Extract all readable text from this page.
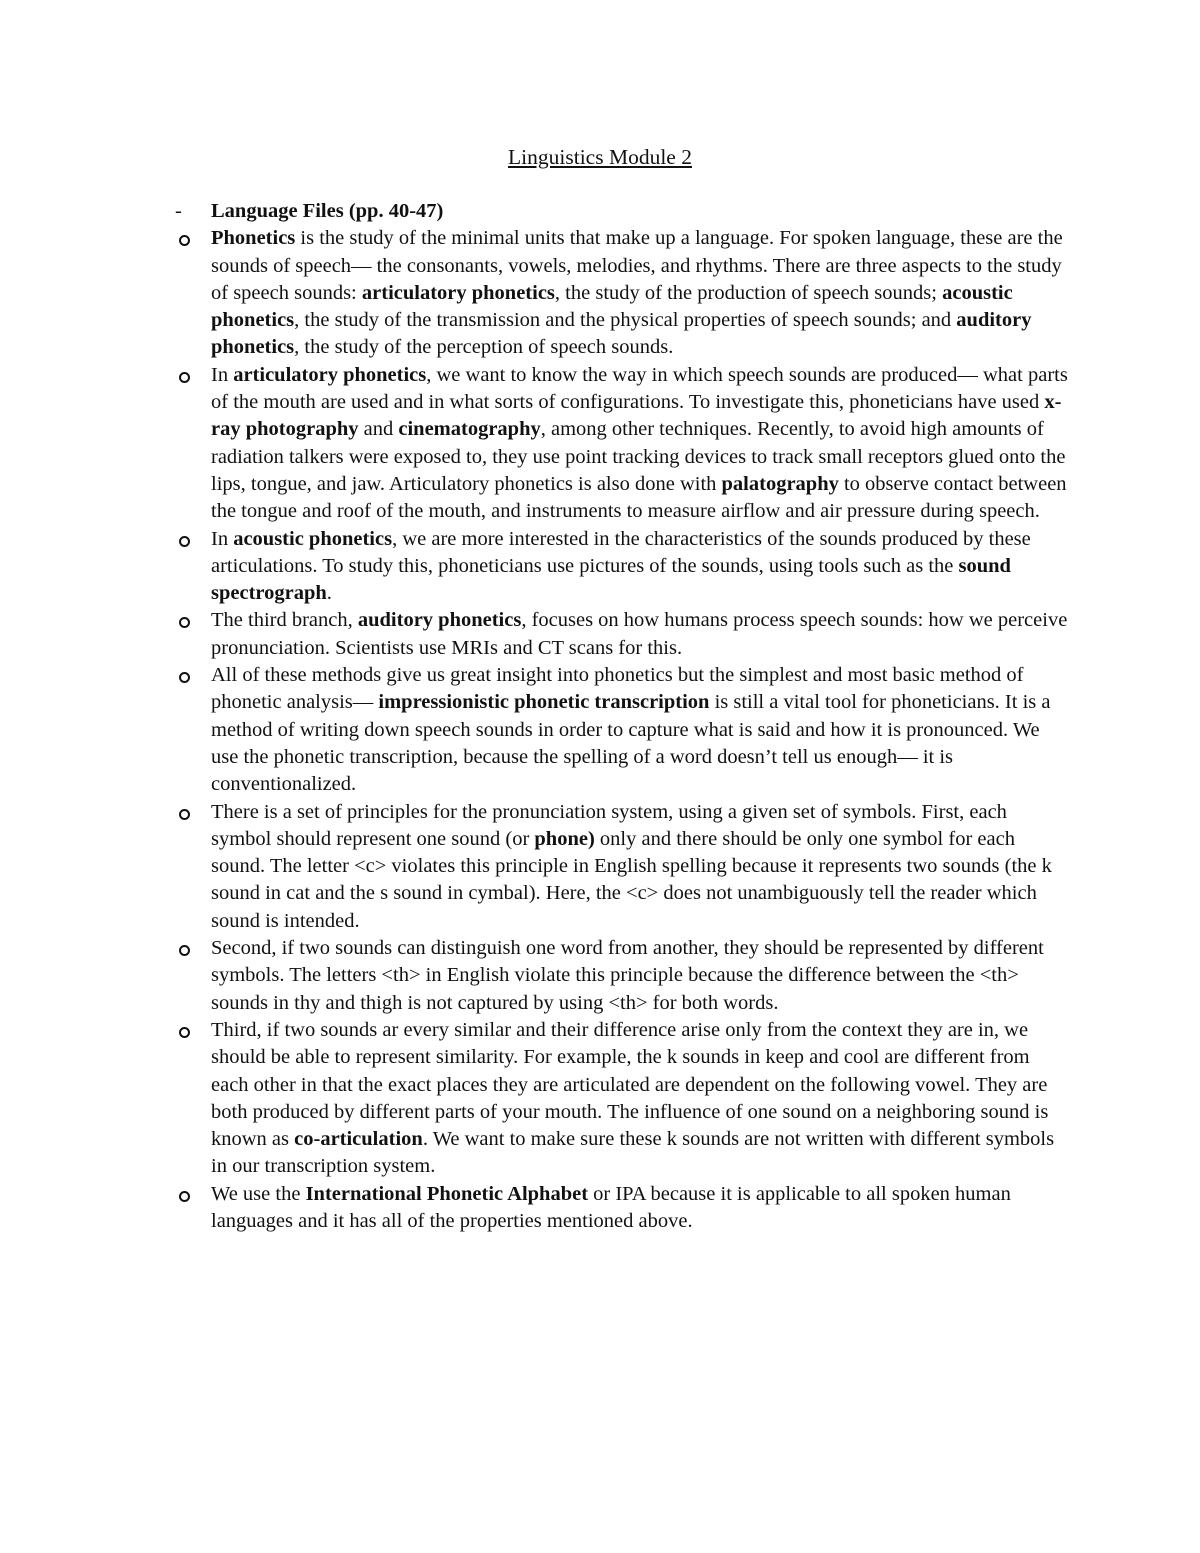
Linguistics Module 2
-	Language Files (pp. 40-47)
Phonetics is the study of the minimal units that make up a language. For spoken language, these are the sounds of speech— the consonants, vowels, melodies, and rhythms. There are three aspects to the study of speech sounds: articulatory phonetics, the study of the production of speech sounds; acoustic phonetics, the study of the transmission and the physical properties of speech sounds; and auditory phonetics, the study of the perception of speech sounds.
In articulatory phonetics, we want to know the way in which speech sounds are produced— what parts of the mouth are used and in what sorts of configurations. To investigate this, phoneticians have used x-ray photography and cinematography, among other techniques. Recently, to avoid high amounts of radiation talkers were exposed to, they use point tracking devices to track small receptors glued onto the lips, tongue, and jaw. Articulatory phonetics is also done with palatography to observe contact between the tongue and roof of the mouth, and instruments to measure airflow and air pressure during speech.
In acoustic phonetics, we are more interested in the characteristics of the sounds produced by these articulations. To study this, phoneticians use pictures of the sounds, using tools such as the sound spectrograph.
The third branch, auditory phonetics, focuses on how humans process speech sounds: how we perceive pronunciation. Scientists use MRIs and CT scans for this.
All of these methods give us great insight into phonetics but the simplest and most basic method of phonetic analysis— impressionistic phonetic transcription is still a vital tool for phoneticians. It is a method of writing down speech sounds in order to capture what is said and how it is pronounced. We use the phonetic transcription, because the spelling of a word doesn’t tell us enough— it is conventionalized.
There is a set of principles for the pronunciation system, using a given set of symbols. First, each symbol should represent one sound (or phone) only and there should be only one symbol for each sound. The letter <c> violates this principle in English spelling because it represents two sounds (the k sound in cat and the s sound in cymbal). Here, the <c> does not unambiguously tell the reader which sound is intended.
Second, if two sounds can distinguish one word from another, they should be represented by different symbols. The letters <th> in English violate this principle because the difference between the <th> sounds in thy and thigh is not captured by using <th> for both words.
Third, if two sounds ar every similar and their difference arise only from the context they are in, we should be able to represent similarity. For example, the k sounds in keep and cool are different from each other in that the exact places they are articulated are dependent on the following vowel. They are both produced by different parts of your mouth. The influence of one sound on a neighboring sound is known as co-articulation. We want to make sure these k sounds are not written with different symbols in our transcription system.
We use the International Phonetic Alphabet or IPA because it is applicable to all spoken human languages and it has all of the properties mentioned above.
